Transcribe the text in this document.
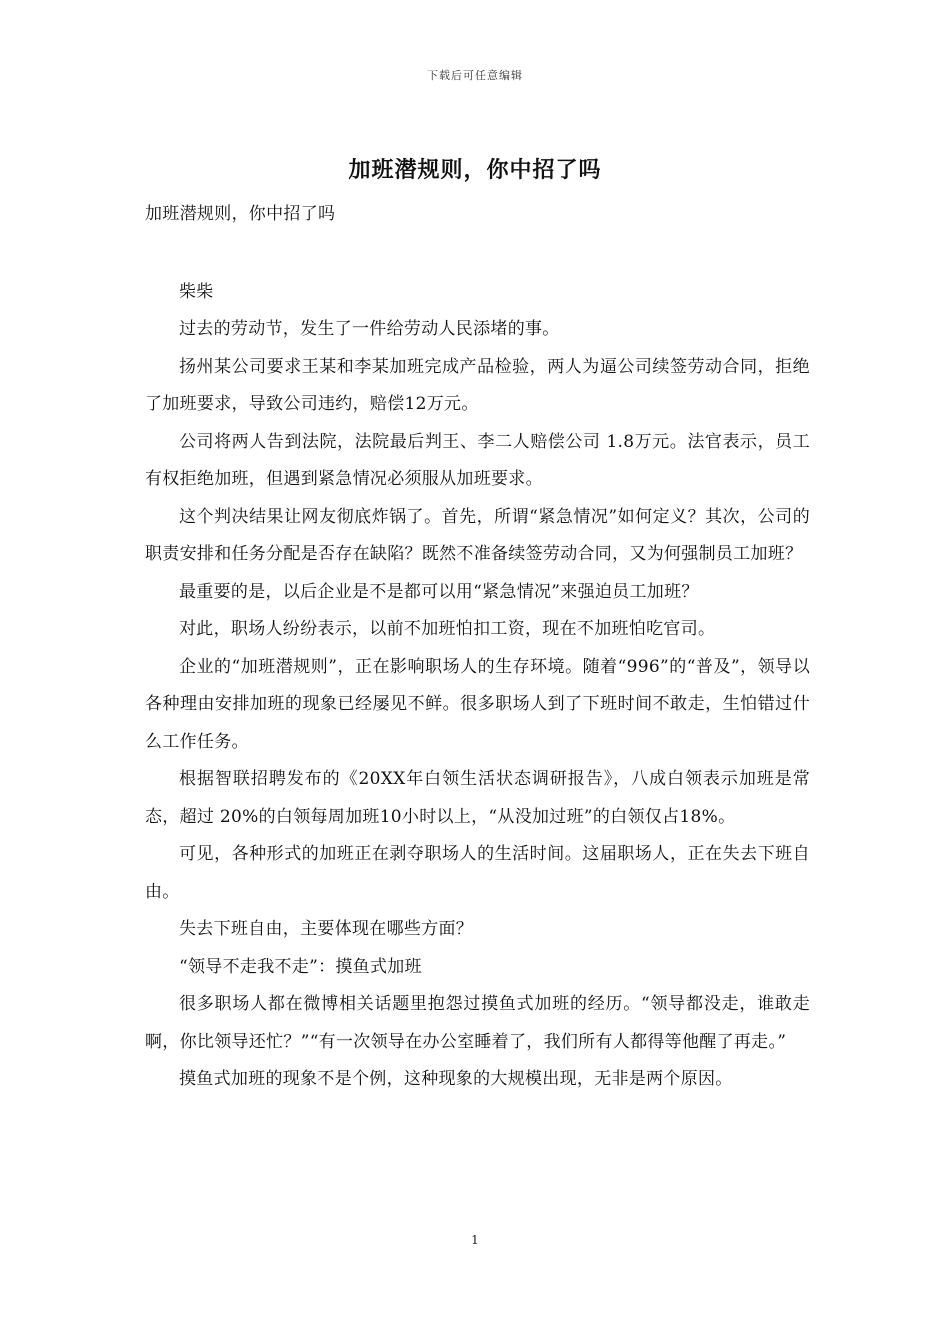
下载后可任意编辑
加班潜规则，你中招了吗

加班潜规则，你中招了吗

柴柴

过去的劳动节，发生了一件给劳动人民添堵的事。

扬州某公司要求王某和李某加班完成产品检验，两人为逼公司续签劳动合同，拒绝了加班要求，导致公司违约，赔偿12万元。

公司将两人告到法院，法院最后判王、李二人赔偿公司 1.8万元。法官表示，员工有权拒绝加班，但遇到紧急情况必须服从加班要求。

这个判决结果让网友彻底炸锅了。首先，所谓“紧急情况”如何定义？其次，公司的职责安排和任务分配是否存在缺陷？既然不准备续签劳动合同，又为何强制员工加班？

最重要的是，以后企业是不是都可以用“紧急情况”来强迫员工加班？

对此，职场人纷纷表示，以前不加班怕扣工资，现在不加班怕吃官司。

企业的“加班潜规则”，正在影响职场人的生存环境。随着“996”的“普及”，领导以各种理由安排加班的现象已经屡见不鲜。很多职场人到了下班时间不敢走，生怕错过什么工作任务。

根据智联招聘发布的《20XX年白领生活状态调研报告》，八成白领表示加班是常态，超过 20%的白领每周加班10小时以上，“从没加过班”的白领仅占18%。

可见，各种形式的加班正在剥夺职场人的生活时间。这届职场人，正在失去下班自由。

失去下班自由，主要体现在哪些方面？

“领导不走我不走”：摸鱼式加班

很多职场人都在微博相关话题里抱怨过摸鱼式加班的经历。“领导都没走，谁敢走啊，你比领导还忙？”“有一次领导在办公室睡着了，我们所有人都得等他醒了再走。”

摸鱼式加班的现象不是个例，这种现象的大规模出现，无非是两个原因。

1
